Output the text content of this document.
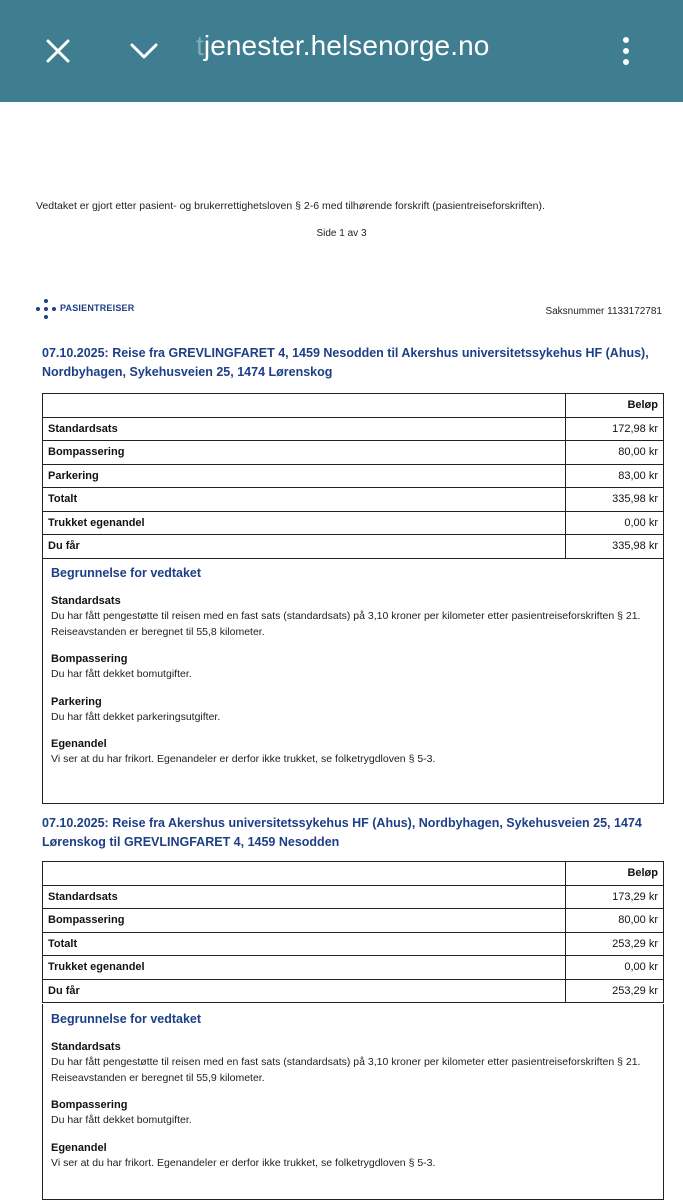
tjenester.helsenorge.no
Vedtaket er gjort etter pasient- og brukerrettighetsloven § 2-6 med tilhørende forskrift (pasientreiseforskriften).
Side 1 av 3
PASIENTREISER	Saksnummer 1133172781
07.10.2025: Reise fra GREVLINGFARET 4, 1459 Nesodden til Akershus universitetssykehus HF (Ahus), Nordbyhagen, Sykehusveien 25, 1474 Lørenskog
	Beløp
Standardsats	172,98 kr
Bompassering	80,00 kr
Parkering	83,00 kr
Totalt	335,98 kr
Trukket egenandel	0,00 kr
Du får	335,98 kr
Begrunnelse for vedtaket
Standardsats
Du har fått pengestøtte til reisen med en fast sats (standardsats) på 3,10 kroner per kilometer etter pasientreiseforskriften § 21. Reiseavstanden er beregnet til 55,8 kilometer.
Bompassering
Du har fått dekket bomutgifter.
Parkering
Du har fått dekket parkeringsutgifter.
Egenandel
Vi ser at du har frikort. Egenandeler er derfor ikke trukket, se folketrygdloven § 5-3.
07.10.2025: Reise fra Akershus universitetssykehus HF (Ahus), Nordbyhagen, Sykehusveien 25, 1474 Lørenskog til GREVLINGFARET 4, 1459 Nesodden
	Beløp
Standardsats	173,29 kr
Bompassering	80,00 kr
Totalt	253,29 kr
Trukket egenandel	0,00 kr
Du får	253,29 kr
Begrunnelse for vedtaket
Standardsats
Du har fått pengestøtte til reisen med en fast sats (standardsats) på 3,10 kroner per kilometer etter pasientreiseforskriften § 21. Reiseavstanden er beregnet til 55,9 kilometer.
Bompassering
Du har fått dekket bomutgifter.
Egenandel
Vi ser at du har frikort. Egenandeler er derfor ikke trukket, se folketrygdloven § 5-3.
